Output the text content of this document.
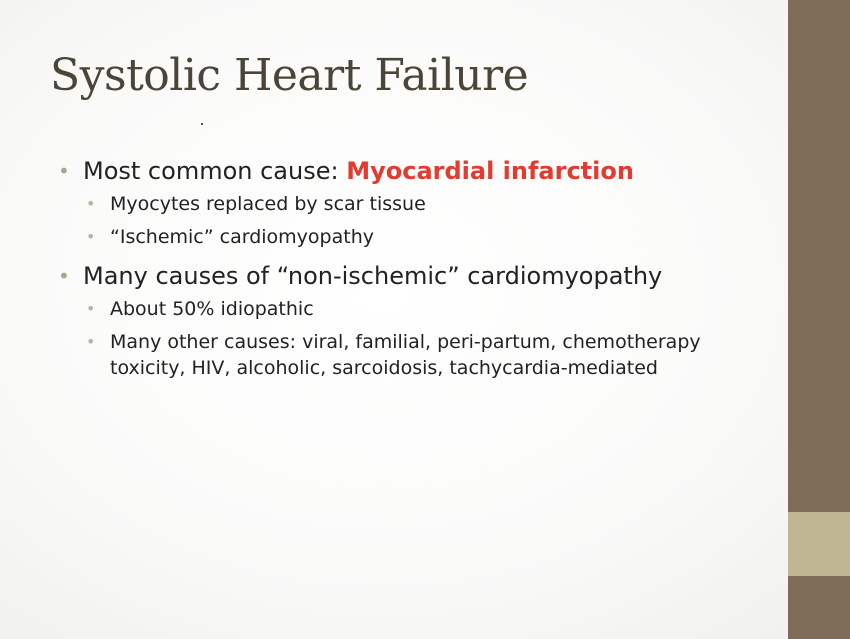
Systolic Heart Failure
• Most common cause: Myocardial infarction
• Myocytes replaced by scar tissue
• “Ischemic” cardiomyopathy
• Many causes of “non-ischemic” cardiomyopathy
• About 50% idiopathic
• Many other causes: viral, familial, peri-partum, chemotherapy toxicity, HIV, alcoholic, sarcoidosis, tachycardia-mediated
